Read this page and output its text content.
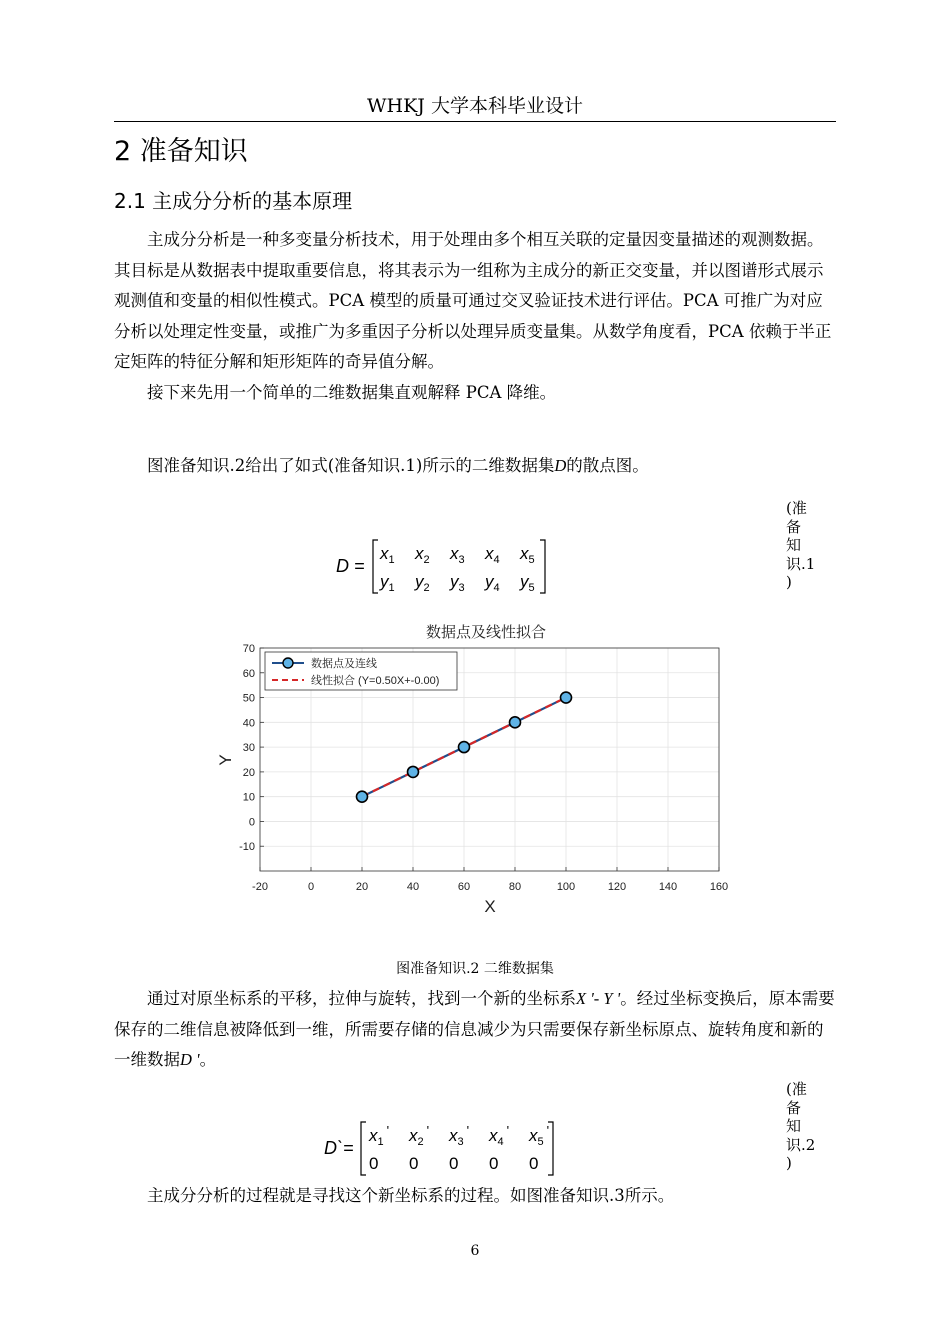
WHKJ 大学本科毕业设计
2 准备知识
2.1 主成分分析的基本原理

主成分分析是一种多变量分析技术，用于处理由多个相互关联的定量因变量描述的观测数据。其目标是从数据表中提取重要信息，将其表示为一组称为主成分的新正交变量，并以图谱形式展示观测值和变量的相似性模式。PCA 模型的质量可通过交叉验证技术进行评估。PCA 可推广为对应分析以处理定性变量，或推广为多重因子分析以处理异质变量集。从数学角度看，PCA 依赖于半正定矩阵的特征分解和矩形矩阵的奇异值分解。

接下来先用一个简单的二维数据集直观解释 PCA 降维。

图准备知识.2给出了如式(准备知识.1)所示的二维数据集D的散点图。

D =
$x_1$ $x_2$ $x_3$ $x_4$ $x_5$
$y_1$ $y_2$ $y_3$ $y_4$ $y_5$
(准
备
知
识.1
)
数据点及线性拟合
-20	0	20	40	60	80	100	120	140	160
-10
0
10
20
30
40
50
60
70
数据点及连线
线性拟合 (Y=0.50X+-0.00)
X
Y
图准备知识.2 二维数据集

通过对原坐标系的平移，拉伸与旋转，找到一个新的坐标系X '- Y '。经过坐标变换后，原本需要保存的二维信息被降低到一维，所需要存储的信息减少为只需要保存新坐标原点、旋转角度和新的一维数据D '。

D`=
$x_1'$ $x_2'$ $x_3'$ $x_4'$ $x_5'$
0 0 0 0 0
(准
备
知
识.2
)

主成分分析的过程就是寻找这个新坐标系的过程。如图准备知识.3所示。

6
